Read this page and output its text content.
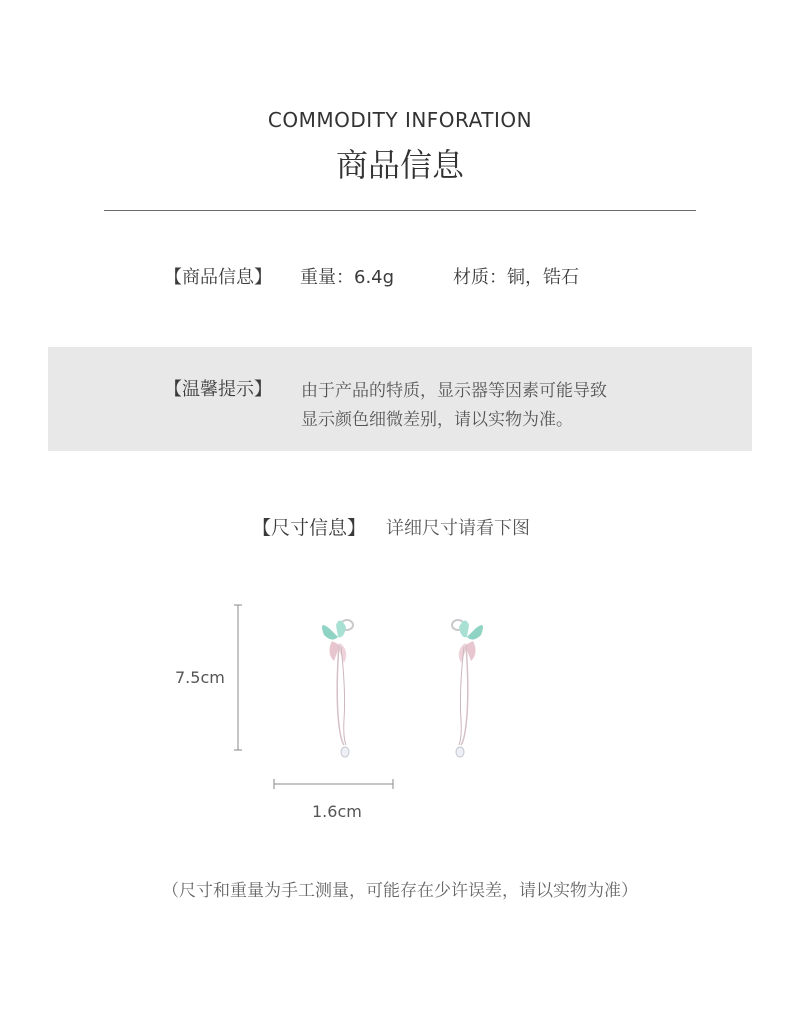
COMMODITY INFORATION
商品信息
【商品信息】 重量：6.4g	材质：铜，锆石
【温馨提示】 由于产品的特质，显示器等因素可能导致
显示颜色细微差别，请以实物为准。
【尺寸信息】 详细尺寸请看下图
7.5cm
1.6cm
（尺寸和重量为手工测量，可能存在少许误差，请以实物为准）
